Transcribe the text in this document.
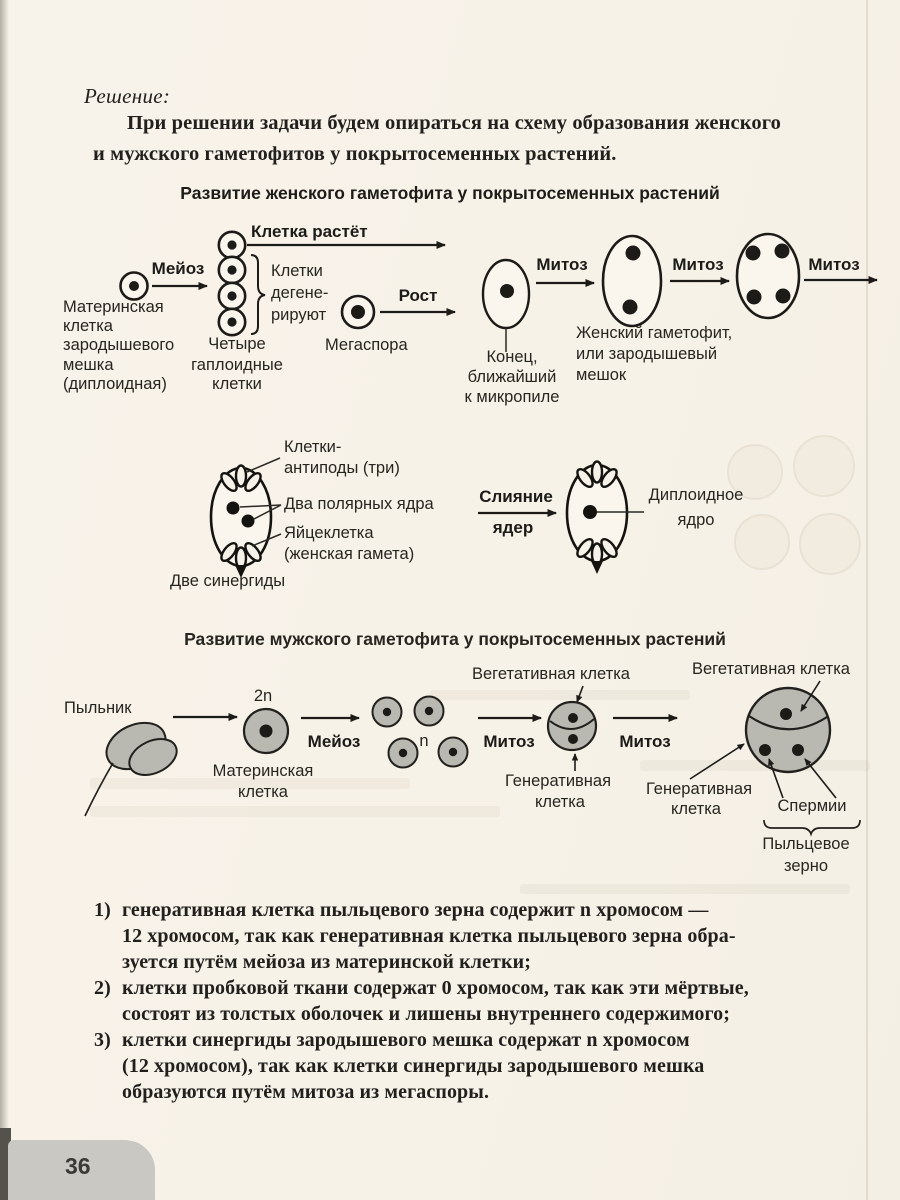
Решение:
При решении задачи будем опираться на схему образования женского
и мужского гаметофитов у покрытосеменных растений.
Развитие женского гаметофита у покрытосеменных растений
Мейоз
Клетка растёт
Клетки
дегене-
рируют
Материнская
клетка
зародышевого
мешка
(диплоидная)
Четыре
гаплоидные
клетки
Мегаспора
Рост
Конец,
ближайший
к микропиле
Митоз
Женский гаметофит,
или зародышевый
мешок
Митоз	Митоз
Клетки-
антиподы (три)
Два полярных ядра
Яйцеклетка
(женская гамета)
Две синергиды
Слияние
ядер
Диплоидное
ядро
Развитие мужского гаметофита у покрытосеменных растений
Пыльник
2n
Материнская
клетка
Мейоз	n	Митоз
Вегетативная клетка
Генеративная
клетка
Митоз
Вегетативная клетка
Генеративная
клетка	Спермии
Пыльцевое
зерно
1) генеративная клетка пыльцевого зерна содержит n хромосом —
12 хромосом, так как генеративная клетка пыльцевого зерна обра-
зуется путём мейоза из материнской клетки;
2) клетки пробковой ткани содержат 0 хромосом, так как эти мёртвые,
состоят из толстых оболочек и лишены внутреннего содержимого;
3) клетки синергиды зародышевого мешка содержат n хромосом
(12 хромосом), так как клетки синергиды зародышевого мешка
образуются путём митоза из мегаспоры.
36
